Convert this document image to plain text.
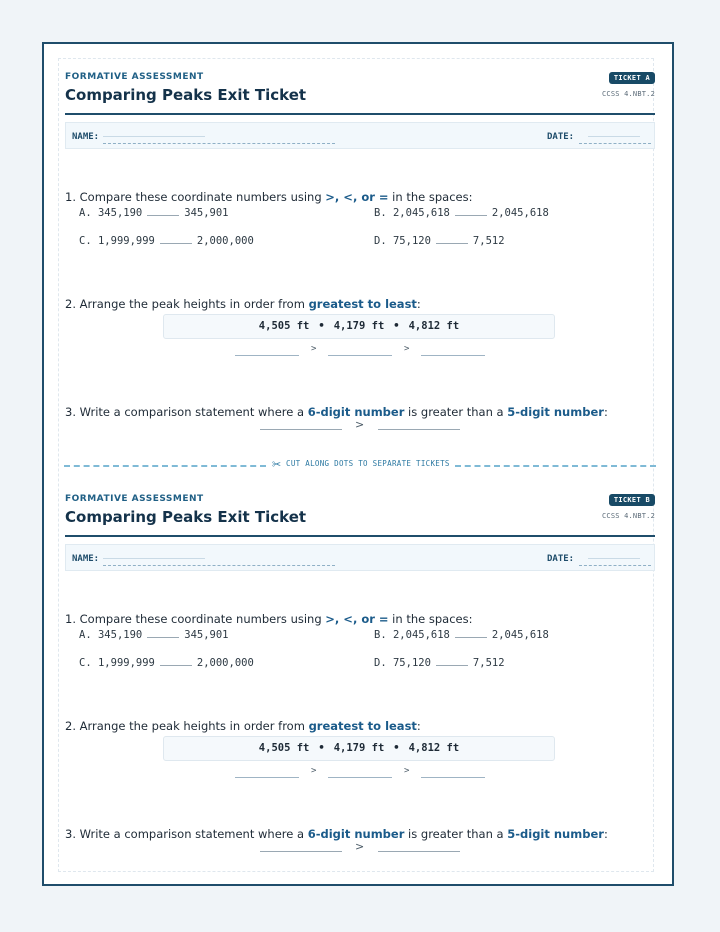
FORMATIVE ASSESSMENT
Comparing Peaks Exit Ticket
TICKET A
CCSS 4.NBT.2
NAME:	DATE:
1. Compare these coordinate numbers using >, <, or = in the spaces:
A. 345,190	345,901	B. 2,045,618	2,045,618
C. 1,999,999	2,000,000	D. 75,120	7,512
2. Arrange the peak heights in order from greatest to least:
4,505 ft • 4,179 ft • 4,812 ft
>	>
3. Write a comparison statement where a 6-digit number is greater than a 5-digit number:
>
FORMATIVE ASSESSMENT
Comparing Peaks Exit Ticket
TICKET B
CCSS 4.NBT.2
NAME:	DATE:
1. Compare these coordinate numbers using >, <, or = in the spaces:
A. 345,190	345,901	B. 2,045,618	2,045,618
C. 1,999,999	2,000,000	D. 75,120	7,512
2. Arrange the peak heights in order from greatest to least:
4,505 ft • 4,179 ft • 4,812 ft
>	>
3. Write a comparison statement where a 6-digit number is greater than a 5-digit number:
>
✂ CUT ALONG DOTS TO SEPARATE TICKETS
